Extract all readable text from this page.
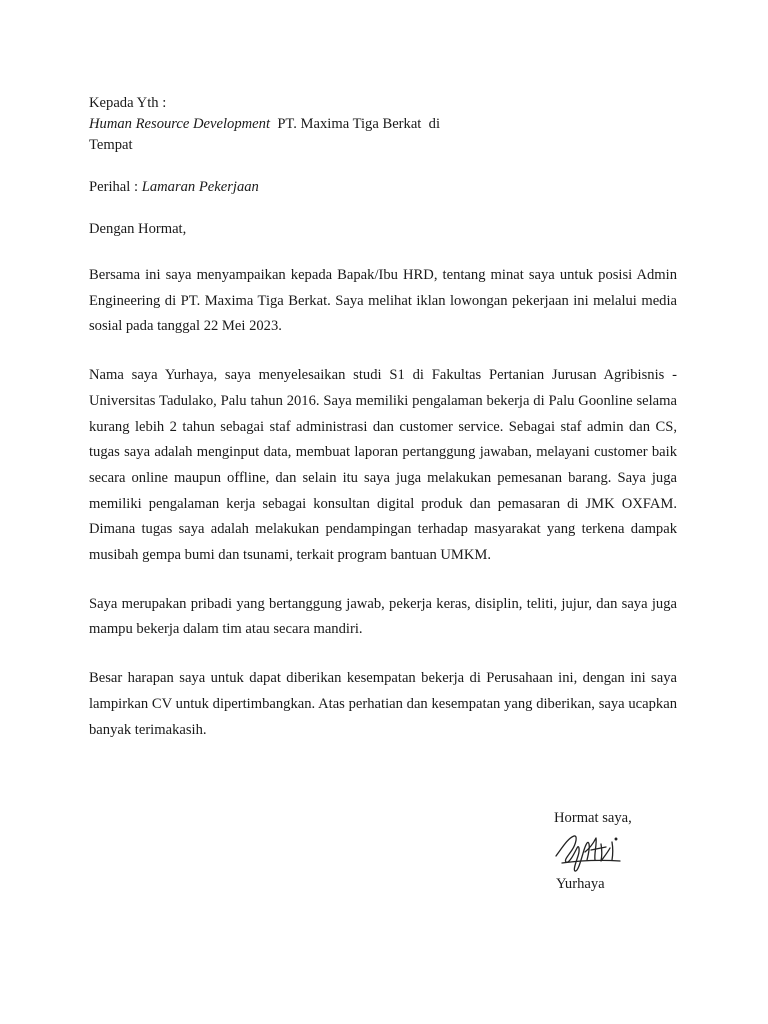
Kepada Yth :
Human Resource Development  PT. Maxima Tiga Berkat  di
Tempat
Perihal : Lamaran Pekerjaan
Dengan Hormat,

Bersama ini saya menyampaikan kepada Bapak/Ibu HRD, tentang minat saya untuk posisi Admin Engineering di PT. Maxima Tiga Berkat. Saya melihat iklan lowongan pekerjaan ini melalui media sosial pada tanggal 22 Mei 2023.

Nama saya Yurhaya, saya menyelesaikan studi S1 di Fakultas Pertanian Jurusan Agribisnis - Universitas Tadulako, Palu tahun 2016. Saya memiliki pengalaman bekerja di Palu Goonline selama kurang lebih 2 tahun sebagai staf administrasi dan customer service. Sebagai staf admin dan CS, tugas saya adalah menginput data, membuat laporan pertanggung jawaban, melayani customer baik secara online maupun offline, dan selain itu saya juga melakukan pemesanan barang. Saya juga memiliki pengalaman kerja sebagai konsultan digital produk dan pemasaran di JMK OXFAM. Dimana tugas saya adalah melakukan pendampingan terhadap masyarakat yang terkena dampak musibah gempa bumi dan tsunami, terkait program bantuan UMKM.

Saya merupakan pribadi yang bertanggung jawab, pekerja keras, disiplin, teliti, jujur, dan saya juga mampu bekerja dalam tim atau secara mandiri.

Besar harapan saya untuk dapat diberikan kesempatan bekerja di Perusahaan ini, dengan ini saya lampirkan CV untuk dipertimbangkan. Atas perhatian dan kesempatan yang diberikan, saya ucapkan banyak terimakasih.

Hormat saya,
Yurhaya
